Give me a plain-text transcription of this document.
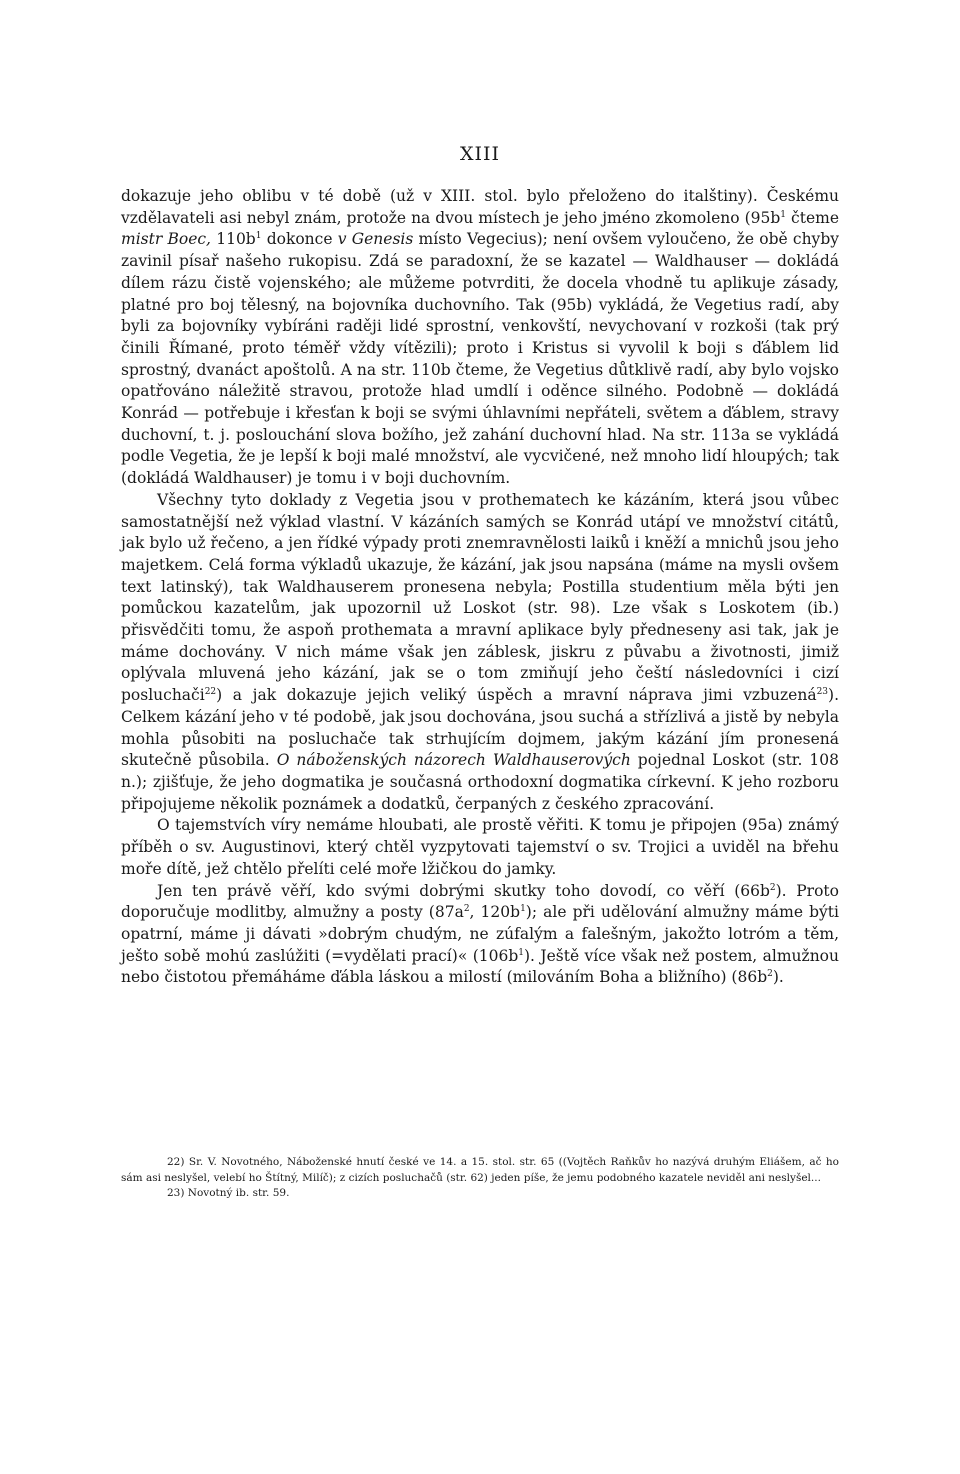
XIII

dokazuje jeho oblibu v té době (už v XIII. stol. bylo přeloženo do italštiny). Českému vzdělavateli asi nebyl znám, protože na dvou místech je jeho jméno zkomoleno ($95b^1$ čteme mistr Boec, $110b^1$ dokonce v Genesis místo Vegecius); není ovšem vyloučeno, že obě chyby zavinil písař našeho rukopisu. Zdá se paradoxní, že se kazatel — Waldhauser — dokládá dílem rázu čistě vojenského; ale můžeme potvrditi, že docela vhodně tu aplikuje zásady, platné pro boj tělesný, na bojovníka duchovního. Tak (95b) vykládá, že Vegetius radí, aby byli za bojovníky vybíráni raději lidé sprostní, venkovští, nevychovaní v rozkoši (tak prý činili Římané, proto téměř vždy vítězili); proto i Kristus si vyvolil k boji s ďáblem lid sprostný, dvanáct apoštolů. A na str. 110b čteme, že Vegetius důtklivě radí, aby bylo vojsko opatřováno náležitě stravou, protože hlad umdlí i oděnce silného. Podobně — dokládá Konrád — potřebuje i křesťan k boji se svými úhlavními nepřáteli, světem a ďáblem, stravy duchovní, t. j. poslouchání slova božího, jež zahání duchovní hlad. Na str. 113a se vykládá podle Vegetia, že je lepší k boji malé množství, ale vycvičené, než mnoho lidí hloupých; tak (dokládá Waldhauser) je tomu i v boji duchovním.

Všechny tyto doklady z Vegetia jsou v prothematech ke kázáním, která jsou vůbec samostatnější než výklad vlastní. V kázáních samých se Konrád utápí ve množství citátů, jak bylo už řečeno, a jen řídké výpady proti znemravnělosti laiků i kněží a mnichů jsou jeho majetkem. Celá forma výkladů ukazuje, že kázání, jak jsou napsána (máme na mysli ovšem text latinský), tak Waldhauserem pronesena nebyla; Postilla studentium měla býti jen pomůckou kazatelům, jak upozornil už Loskot (str. 98). Lze však s Loskotem (ib.) přisvědčiti tomu, že aspoň prothemata a mravní aplikace byly předneseny asi tak, jak je máme dochovány. V nich máme však jen záblesk, jiskru z půvabu a životnosti, jimiž oplývala mluvená jeho kázání, jak se o tom zmiňují jeho čeští následovníci i cizí posluchači$^{22}$) a jak dokazuje jejich veliký úspěch a mravní náprava jimi vzbuzená$^{23}$). Celkem kázání jeho v té podobě, jak jsou dochována, jsou suchá a střízlivá a jistě by nebyla mohla působiti na posluchače tak strhujícím dojmem, jakým kázání jím pronesená skutečně působila. O náboženských názorech Waldhauserových pojednal Loskot (str. 108 n.); zjišťuje, že jeho dogmatika je současná orthodoxní dogmatika církevní. K jeho rozboru připojujeme několik poznámek a dodatků, čerpaných z českého zpracování.

O tajemstvích víry nemáme hloubati, ale prostě věřiti. K tomu je připojen (95a) známý příběh o sv. Augustinovi, který chtěl vyzpytovati tajemství o sv. Trojici a uviděl na břehu moře dítě, jež chtělo přelíti celé moře lžičkou do jamky.

Jen ten právě věří, kdo svými dobrými skutky toho dovodí, co věří $(66b^2)$. Proto doporučuje modlitby, almužny a posty ($87a^2$, $120b^1$); ale při udělování almužny máme býti opatrní, máme ji dávati »dobrým chudým, ne zúfalým a falešným, jakožto lotróm a těm, ješto sobě mohú zaslúžiti (=vydělati prací)« $(106b^1)$. Ještě více však než postem, almužnou nebo čistotou přemáháme ďábla láskou a milostí (milováním Boha a bližního) $(86b^2)$.

22) Sr. V. Novotného, Náboženské hnutí české ve 14. a 15. stol. str. 65 ((Vojtěch Raňkův ho nazývá druhým Eliášem, ač ho sám asi neslyšel, velebí ho Štítný, Milíč); z cizích posluchačů (str. 62) jeden píše, že jemu podobného kazatele neviděl ani neslyšel...

23) Novotný ib. str. 59.
